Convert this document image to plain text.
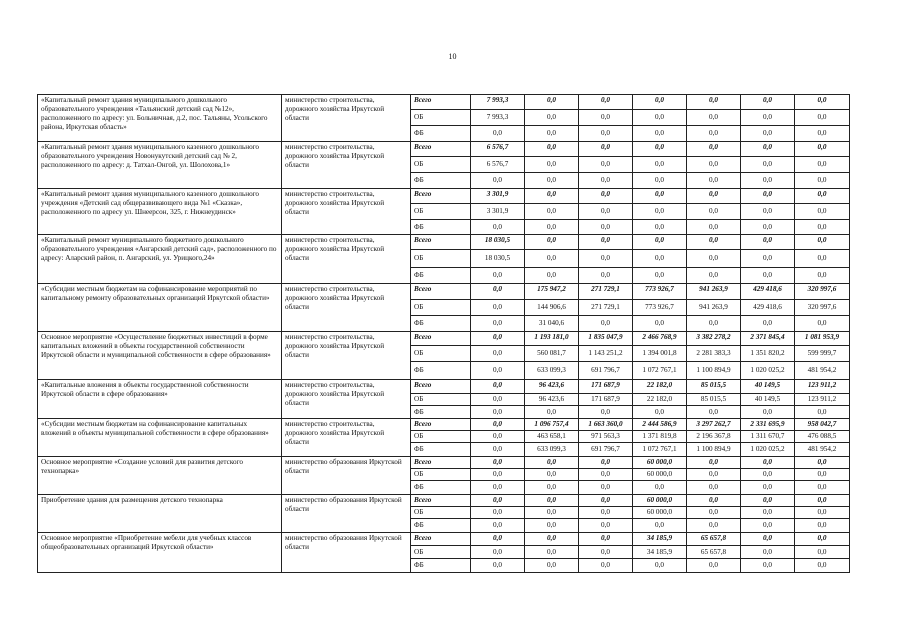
10
«Капитальный ремонт здания муниципального дошкольного образовательного учреждения «Тальянский детский сад №12», расположенного по адресу: ул. Больничная, д.2, пос. Тальяны, Усольского района, Иркутская область»	министерство строительства, дорожного хозяйства Иркутской области	Всего	7 993,3	0,0	0,0	0,0	0,0	0,0	0,0
		ОБ	7 993,3	0,0	0,0	0,0	0,0	0,0	0,0
		ФБ	0,0	0,0	0,0	0,0	0,0	0,0	0,0
«Капитальный ремонт здания муниципального казенного дошкольного образовательного учреждения Новонукутский детский сад № 2, расположенного по адресу: д. Татхал-Онгой, ул. Шолохова,1»	министерство строительства, дорожного хозяйства Иркутской области	Всего	6 576,7	0,0	0,0	0,0	0,0	0,0	0,0
		ОБ	6 576,7	0,0	0,0	0,0	0,0	0,0	0,0
		ФБ	0,0	0,0	0,0	0,0	0,0	0,0	0,0
«Капитальный ремонт здания муниципального казенного дошкольного учреждения «Детский сад общеразвивающего вида №1 «Сказка», расположенного по адресу ул. Шнеерсон, 325, г. Нижнеудинск»	министерство строительства, дорожного хозяйства Иркутской области	Всего	3 301,9	0,0	0,0	0,0	0,0	0,0	0,0
		ОБ	3 301,9	0,0	0,0	0,0	0,0	0,0	0,0
		ФБ	0,0	0,0	0,0	0,0	0,0	0,0	0,0
«Капитальный ремонт муниципального бюджетного дошкольного образовательного учреждения «Ангарский детский сад», расположенного по адресу: Аларский район, п. Ангарский, ул. Урицкого,24»	министерство строительства, дорожного хозяйства Иркутской области	Всего	18 030,5	0,0	0,0	0,0	0,0	0,0	0,0
		ОБ	18 030,5	0,0	0,0	0,0	0,0	0,0	0,0
		ФБ	0,0	0,0	0,0	0,0	0,0	0,0	0,0
«Субсидии местным бюджетам на софинансирование мероприятий по капитальному ремонту образовательных организаций Иркутской области»	министерство строительства, дорожного хозяйства Иркутской области	Всего	0,0	175 947,2	271 729,1	773 926,7	941 263,9	429 418,6	320 997,6
		ОБ	0,0	144 906,6	271 729,1	773 926,7	941 263,9	429 418,6	320 997,6
		ФБ	0,0	31 040,6	0,0	0,0	0,0	0,0	0,0
Основное мероприятие «Осуществление бюджетных инвестиций в форме капитальных вложений в объекты государственной собственности Иркутской области и муниципальной собственности в сфере образования»	министерство строительства, дорожного хозяйства Иркутской области	Всего	0,0	1 193 181,0	1 835 047,9	2 466 768,9	3 382 278,2	2 371 845,4	1 081 953,9
		ОБ	0,0	560 081,7	1 143 251,2	1 394 001,8	2 281 383,3	1 351 820,2	599 999,7
		ФБ	0,0	633 099,3	691 796,7	1 072 767,1	1 100 894,9	1 020 025,2	481 954,2
«Капитальные вложения в объекты государственной собственности Иркутской области в сфере образования»	министерство строительства, дорожного хозяйства Иркутской области	Всего	0,0	96 423,6	171 687,9	22 182,0	85 015,5	40 149,5	123 911,2
		ОБ	0,0	96 423,6	171 687,9	22 182,0	85 015,5	40 149,5	123 911,2
		ФБ	0,0	0,0	0,0	0,0	0,0	0,0	0,0
«Субсидии местным бюджетам на софинансирование капитальных вложений в объекты муниципальной собственности в сфере образования»	министерство строительства, дорожного хозяйства Иркутской области	Всего	0,0	1 096 757,4	1 663 360,0	2 444 586,9	3 297 262,7	2 331 695,9	958 042,7
		ОБ	0,0	463 658,1	971 563,3	1 371 819,8	2 196 367,8	1 311 670,7	476 088,5
		ФБ	0,0	633 099,3	691 796,7	1 072 767,1	1 100 894,9	1 020 025,2	481 954,2
Основное мероприятие «Создание условий для развития детского технопарка»	министерство образования Иркутской области	Всего	0,0	0,0	0,0	60 000,0	0,0	0,0	0,0
		ОБ	0,0	0,0	0,0	60 000,0	0,0	0,0	0,0
		ФБ	0,0	0,0	0,0	0,0	0,0	0,0	0,0
Приобретение здания для размещения детского технопарка	министерство образования Иркутской области	Всего	0,0	0,0	0,0	60 000,0	0,0	0,0	0,0
		ОБ	0,0	0,0	0,0	60 000,0	0,0	0,0	0,0
		ФБ	0,0	0,0	0,0	0,0	0,0	0,0	0,0
Основное мероприятие «Приобретение мебели для учебных классов общеобразовательных организаций Иркутской области»	министерство образования Иркутской области	Всего	0,0	0,0	0,0	34 185,9	65 657,8	0,0	0,0
		ОБ	0,0	0,0	0,0	34 185,9	65 657,8	0,0	0,0
		ФБ	0,0	0,0	0,0	0,0	0,0	0,0	0,0
